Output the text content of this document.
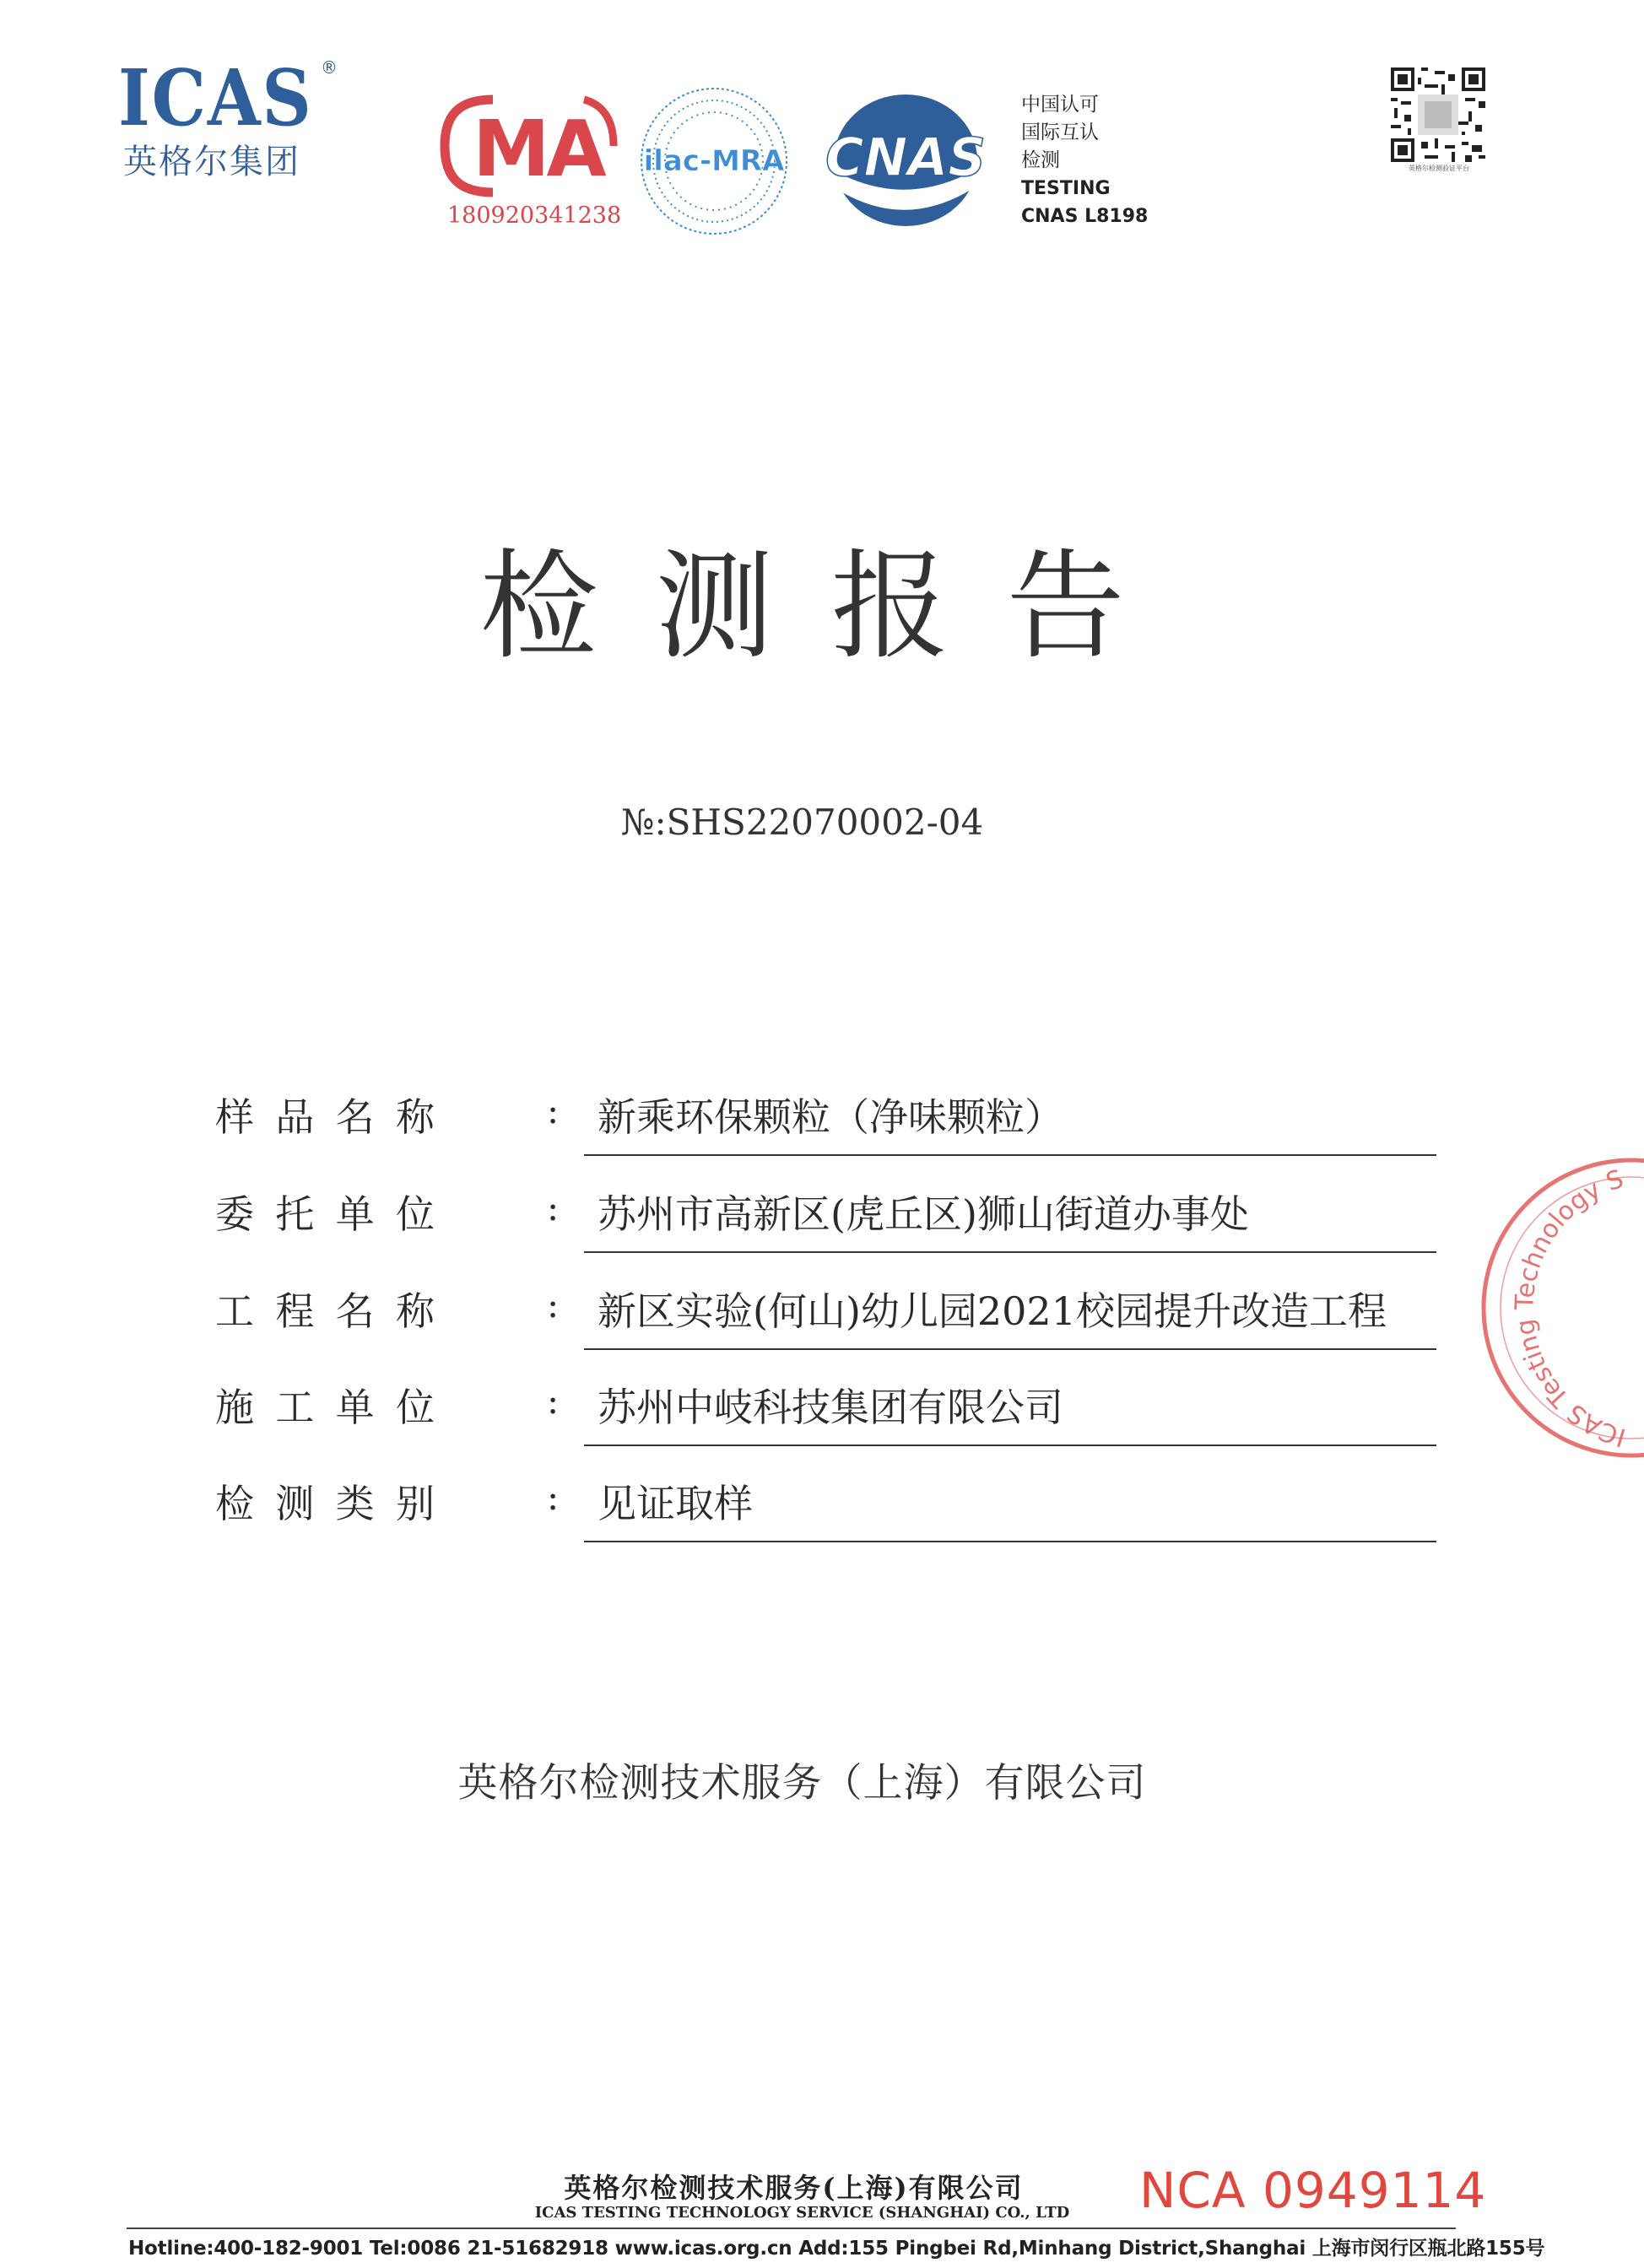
ICAS ®
英格尔集团 MA
180920341238
ilac-MRA CNAS
中国认可
国际互认
检测
TESTING
CNAS L8198
英格尔检测验证平台
检测报告
№:SHS22070002-04
样 品 名 称	: 新乘环保颗粒（净味颗粒）
委 托 单 位	: 苏州市高新区(虎丘区)狮山街道办事处
工 程 名 称	: 新区实验(何山)幼儿园2021校园提升改造工程
施 工 单 位	: 苏州中岐科技集团有限公司
检 测 类 别	: 见证取样
英格尔检测技术服务（上海）有限公司
ICAS Testing Technology S
英格尔检测技术服务(上海)有限公司
ICAS TESTING TECHNOLOGY SERVICE (SHANGHAI) CO., LTD	NCA 0949114
Hotline:400-182-9001 Tel:0086 21-51682918 www.icas.org.cn Add:155 Pingbei Rd,Minhang District,Shanghai 上海市闵行区瓶北路155号
